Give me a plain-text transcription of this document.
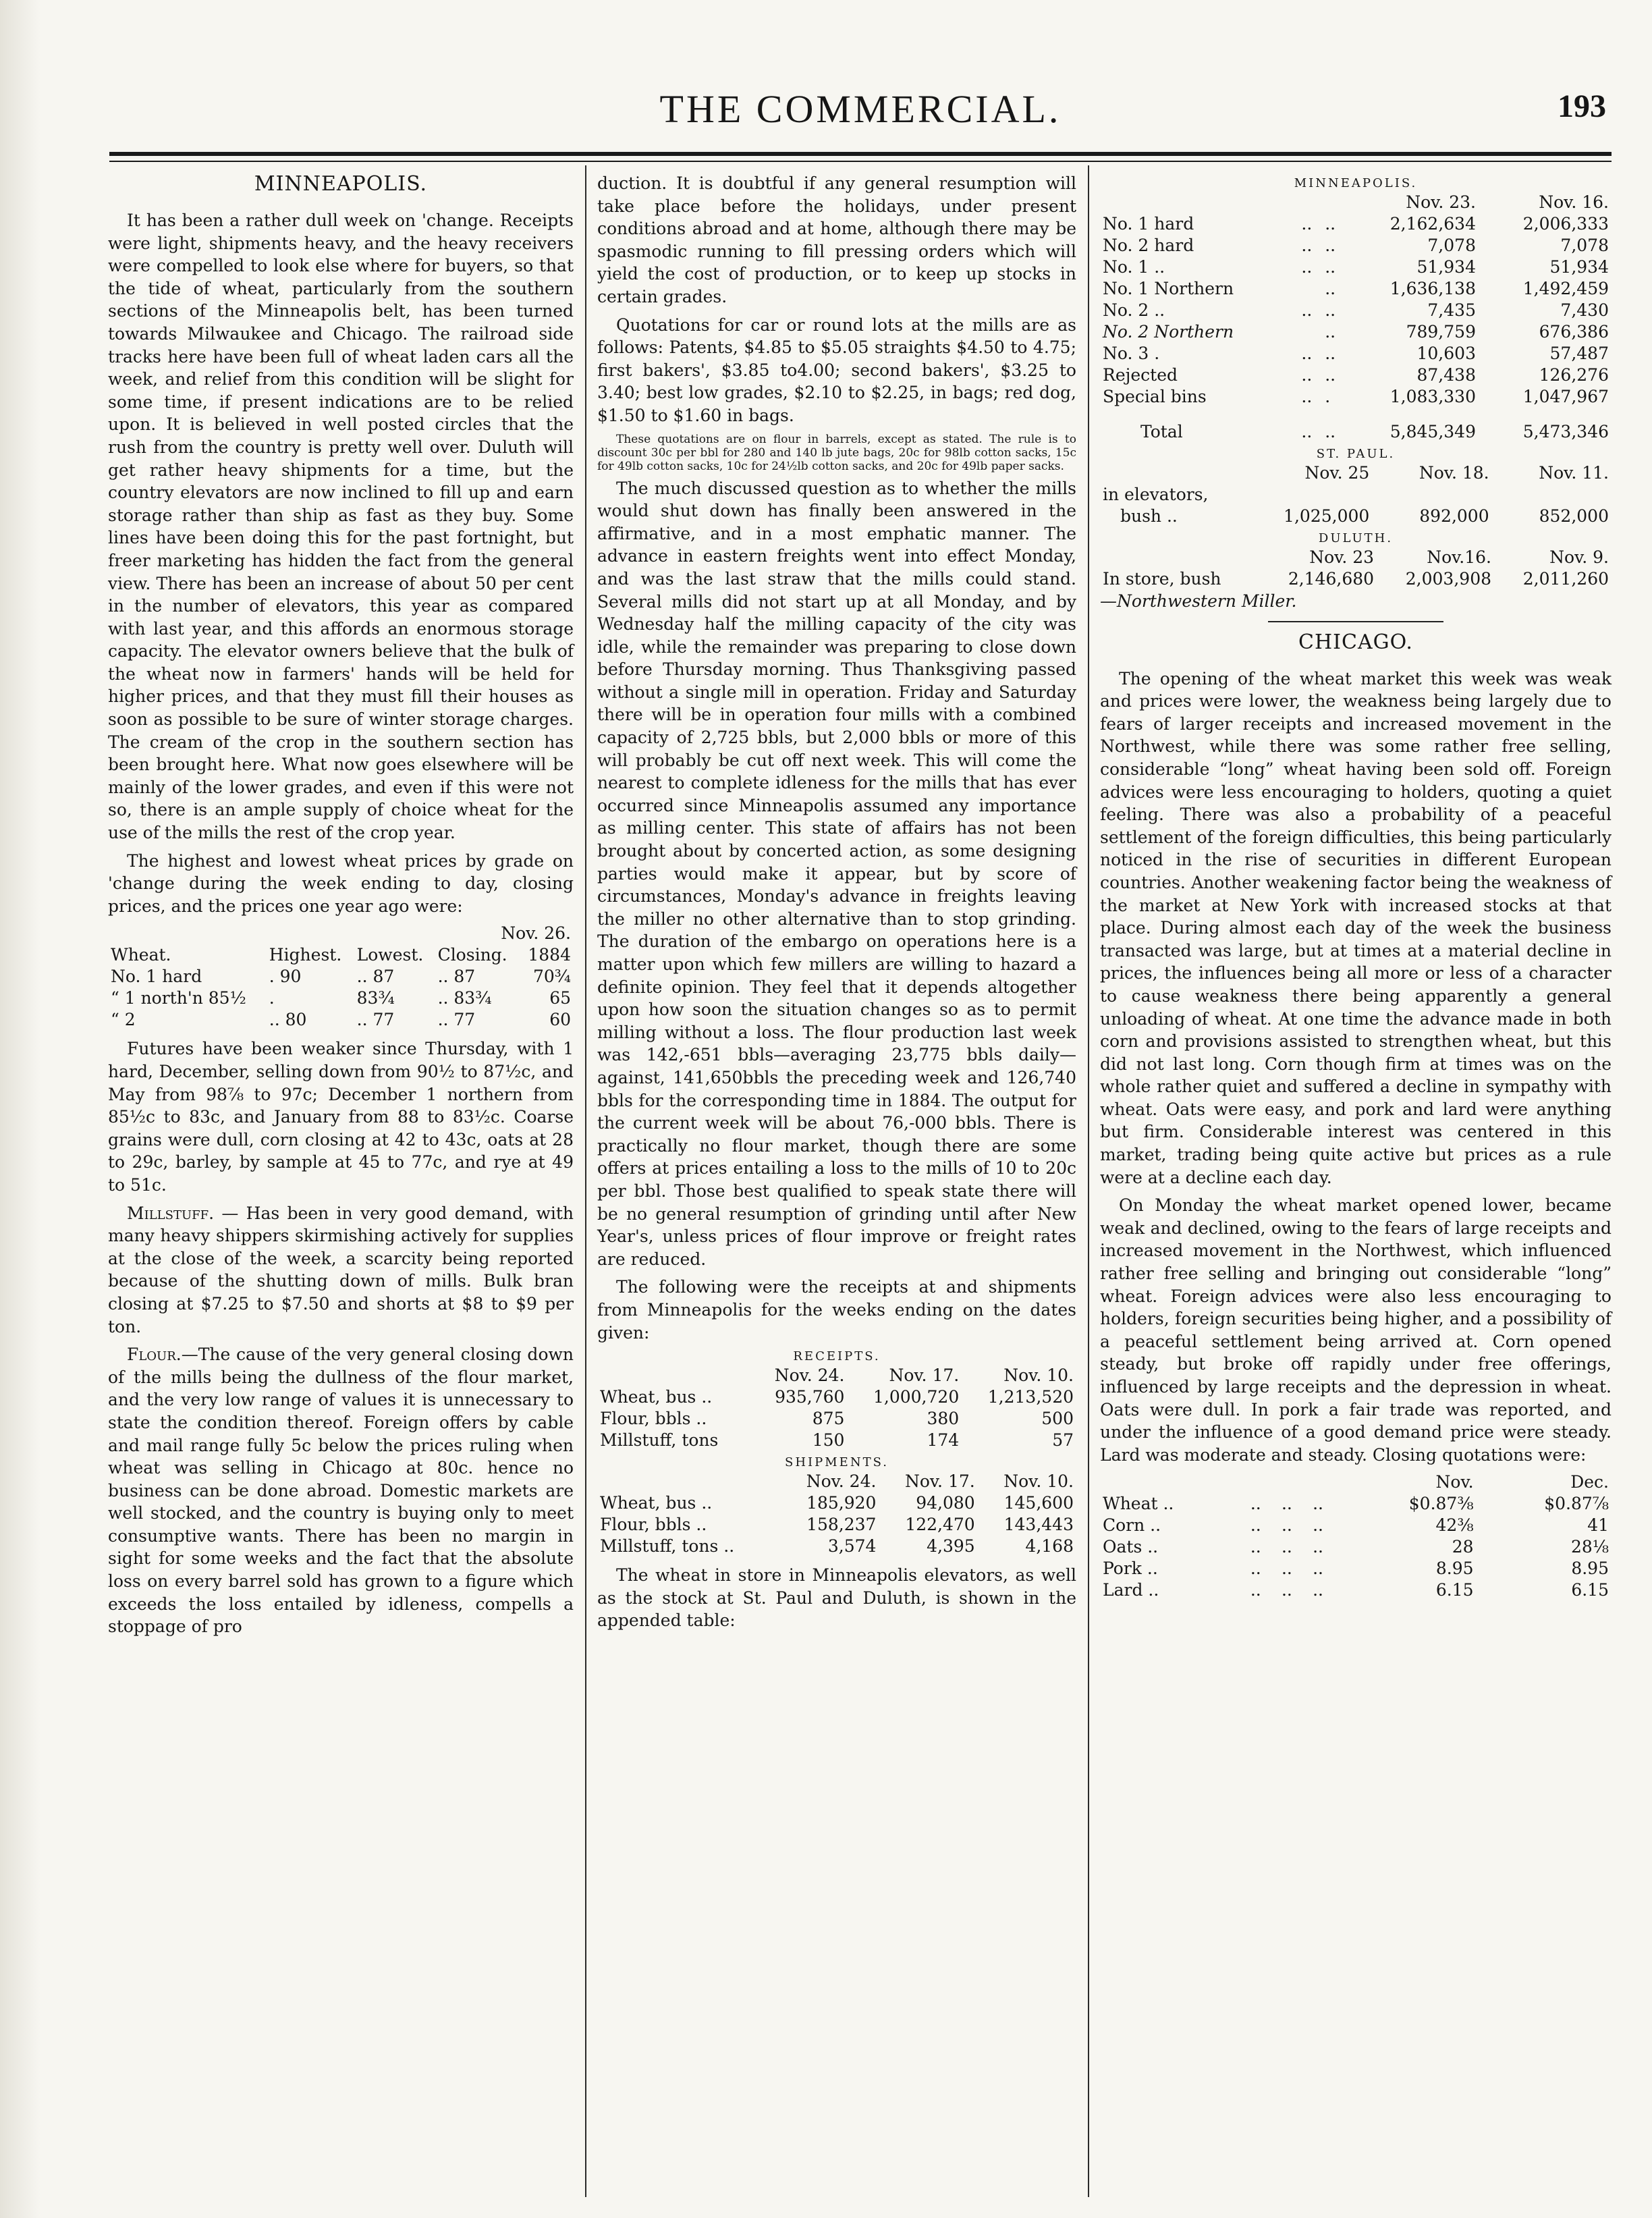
THE COMMERCIAL.	193
MINNEAPOLIS.

It has been a rather dull week on 'change. Receipts were light, shipments heavy, and the heavy receivers were compelled to look else where for buyers, so that the tide of wheat, particularly from the southern sections of the Minneapolis belt, has been turned towards Milwaukee and Chicago. The railroad side tracks here have been full of wheat laden cars all the week, and relief from this condition will be slight for some time, if present indications are to be relied upon. It is believed in well posted circles that the rush from the country is pretty well over. Duluth will get rather heavy shipments for a time, but the country elevators are now inclined to fill up and earn storage rather than ship as fast as they buy. Some lines have been doing this for the past fortnight, but freer marketing has hidden the fact from the general view. There has been an increase of about 50 per cent in the number of elevators, this year as compared with last year, and this affords an enormous storage capacity. The elevator owners believe that the bulk of the wheat now in farmers' hands will be held for higher prices, and that they must fill their houses as soon as possible to be sure of winter storage charges. The cream of the crop in the southern section has been brought here. What now goes elsewhere will be mainly of the lower grades, and even if this were not so, there is an ample supply of choice wheat for the use of the mills the rest of the crop year.

The highest and lowest wheat prices by grade on 'change during the week ending to day, closing prices, and the prices one year ago were:

Nov. 26.				
Wheat.	Highest.	Lowest.	Closing.	1884
No. 1 hard	. 90	.. 87	.. 87	70¾
“ 1 north'n 85½	.	83¾	.. 83¾	65
“ 2	.. 80	.. 77	.. 77	60

Futures have been weaker since Thursday, with 1 hard, December, selling down from 90½ to 87½c, and May from 98⅞ to 97c; December 1 northern from 85½c to 83c, and January from 88 to 83½c. Coarse grains were dull, corn closing at 42 to 43c, oats at 28 to 29c, barley, by sample at 45 to 77c, and rye at 49 to 51c.

Millstuff. — Has been in very good demand, with many heavy shippers skirmishing actively for supplies at the close of the week, a scarcity being reported because of the shutting down of mills. Bulk bran closing at $7.25 to $7.50 and shorts at $8 to $9 per ton.

Flour.—The cause of the very general closing down of the mills being the dullness of the flour market, and the very low range of values it is unnecessary to state the condition thereof. Foreign offers by cable and mail range fully 5c below the prices ruling when wheat was selling in Chicago at 80c. hence no business can be done abroad. Domestic markets are well stocked, and the country is buying only to meet consumptive wants. There has been no margin in sight for some weeks and the fact that the absolute loss on every barrel sold has grown to a figure which exceeds the loss entailed by idleness, compells a stoppage of pro

duction. It is doubtful if any general resumption will take place before the holidays, under present conditions abroad and at home, although there may be spasmodic running to fill pressing orders which will yield the cost of production, or to keep up stocks in certain grades.

Quotations for car or round lots at the mills are as follows: Patents, $4.85 to $5.05 straights $4.50 to 4.75; first bakers', $3.85 to4.00; second bakers', $3.25 to 3.40; best low grades, $2.10 to $2.25, in bags; red dog, $1.50 to $1.60 in bags.

These quotations are on flour in barrels, except as stated. The rule is to discount 30c per bbl for 280 and 140 lb jute bags, 20c for 98lb cotton sacks, 15c for 49lb cotton sacks, 10c for 24½lb cotton sacks, and 20c for 49lb paper sacks.

The much discussed question as to whether the mills would shut down has finally been answered in the affirmative, and in a most emphatic manner. The advance in eastern freights went into effect Monday, and was the last straw that the mills could stand. Several mills did not start up at all Monday, and by Wednesday half the milling capacity of the city was idle, while the remainder was preparing to close down before Thursday morning. Thus Thanksgiving passed without a single mill in operation. Friday and Saturday there will be in operation four mills with a combined capacity of 2,725 bbls, but 2,000 bbls or more of this will probably be cut off next week. This will come the nearest to complete idleness for the mills that has ever occurred since Minneapolis assumed any importance as milling center. This state of affairs has not been brought about by concerted action, as some designing parties would make it appear, but by score of circumstances, Monday's advance in freights leaving the miller no other alternative than to stop grinding. The duration of the embargo on operations here is a matter upon which few millers are willing to hazard a definite opinion. They feel that it depends altogether upon how soon the situation changes so as to permit milling without a loss. The flour production last week was 142,-651 bbls—averaging 23,775 bbls daily—against, 141,650bbls the preceding week and 126,740 bbls for the corresponding time in 1884. The output for the current week will be about 76,-000 bbls. There is practically no flour market, though there are some offers at prices entailing a loss to the mills of 10 to 20c per bbl. Those best qualified to speak state there will be no general resumption of grinding until after New Year's, unless prices of flour improve or freight rates are reduced.

The following were the receipts at and shipments from Minneapolis for the weeks ending on the dates given:

RECEIPTS.
	Nov. 24.	Nov. 17.	Nov. 10.
Wheat, bus ..	935,760	1,000,720	1,213,520
Flour, bbls ..	875	380	500
Millstuff, tons	150	174	57
SHIPMENTS.
	Nov. 24.	Nov. 17.	Nov. 10.
Wheat, bus ..	185,920	94,080	145,600
Flour, bbls ..	158,237	122,470	143,443
Millstuff, tons ..	3,574	4,395	4,168

The wheat in store in Minneapolis elevators, as well as the stock at St. Paul and Duluth, is shown in the appended table:

MINNEAPOLIS.
			Nov. 23.	Nov. 16.
No. 1 hard	..	..	2,162,634	2,006,333
No. 2 hard	..	..	7,078	7,078
No. 1 ..	..	..	51,934	51,934
No. 1 Northern		..	1,636,138	1,492,459
No. 2 ..	..	..	7,435	7,430
No. 2 Northern		..	789,759	676,386
No. 3 .	..	..	10,603	57,487
Rejected	..	..	87,438	126,276
Special bins	..	.	1,083,330	1,047,967

Total	..	..	5,845,349	5,473,346
ST. PAUL.
	Nov. 25	Nov. 18.	Nov. 11.
in elevators,			
bush ..	1,025,000	892,000	852,000
DULUTH.
	Nov. 23	Nov.16.	Nov. 9.
In store, bush	2,146,680	2,003,908	2,011,260

—Northwestern Miller.

CHICAGO.

The opening of the wheat market this week was weak and prices were lower, the weakness being largely due to fears of larger receipts and increased movement in the Northwest, while there was some rather free selling, considerable “long” wheat having been sold off. Foreign advices were less encouraging to holders, quoting a quiet feeling. There was also a probability of a peaceful settlement of the foreign difficulties, this being particularly noticed in the rise of securities in different European countries. Another weakening factor being the weakness of the market at New York with increased stocks at that place. During almost each day of the week the business transacted was large, but at times at a material decline in prices, the influences being all more or less of a character to cause weakness there being apparently a general unloading of wheat. At one time the advance made in both corn and provisions assisted to strengthen wheat, but this did not last long. Corn though firm at times was on the whole rather quiet and suffered a decline in sympathy with wheat. Oats were easy, and pork and lard were anything but firm. Considerable interest was centered in this market, trading being quite active but prices as a rule were at a decline each day.

On Monday the wheat market opened lower, became weak and declined, owing to the fears of large receipts and increased movement in the Northwest, which influenced rather free selling and bringing out considerable “long” wheat. Foreign advices were also less encouraging to holders, foreign securities being higher, and a possibility of a peaceful settlement being arrived at. Corn opened steady, but broke off rapidly under free offerings, influenced by large receipts and the depression in wheat. Oats were dull. In pork a fair trade was reported, and under the influence of a good demand price were steady. Lard was moderate and steady. Closing quotations were:

				Nov.	Dec.
Wheat ..	..	..	..	$0.87⅜	$0.87⅞
Corn ..	..	..	..	42⅜	41
Oats ..	..	..	..	28	28⅛
Pork ..	..	..	..	8.95	8.95
Lard ..	..	..	..	6.15	6.15
